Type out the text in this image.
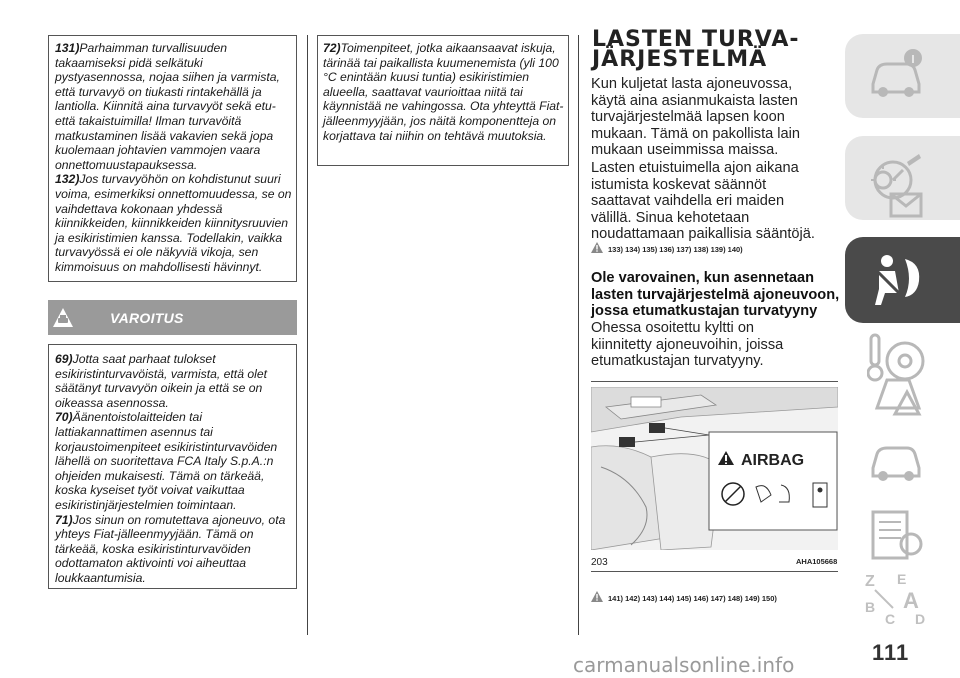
131)Parhaimman turvallisuuden takaamiseksi pidä selkätuki pystyasennossa, nojaa siihen ja varmista, että turvavyö on tiukasti rintakehällä ja lantiolla. Kiinnitä aina turvavyöt sekä etu- että takaistuimilla! Ilman turvavöitä matkustaminen lisää vakavien sekä jopa kuolemaan johtavien vammojen vaara onnettomuustapauksessa.

132)Jos turvavyöhön on kohdistunut suuri voima, esimerkiksi onnettomuudessa, se on vaihdettava kokonaan yhdessä kiinnikkeiden, kiinnikkeiden kiinnitysruuvien ja esikiristimien kanssa. Todellakin, vaikka turvavyössä ei ole näkyviä vikoja, sen kimmoisuus on mahdollisesti hävinnyt.

VAROITUS

69)Jotta saat parhaat tulokset esikiristinturvavöistä, varmista, että olet säätänyt turvavyön oikein ja että se on oikeassa asennossa.

70)Äänentoistolaitteiden tai lattiakannattimen asennus tai korjaustoimenpiteet esikiristinturvavöiden lähellä on suoritettava FCA Italy S.p.A.:n ohjeiden mukaisesti. Tämä on tärkeää, koska kyseiset työt voivat vaikuttaa esikiristinjärjestelmien toimintaan.

71)Jos sinun on romutettava ajoneuvo, ota yhteys Fiat-jälleenmyyjään. Tämä on tärkeää, koska esikiristinturvavöiden odottamaton aktivointi voi aiheuttaa loukkaantumisia.

72)Toimenpiteet, jotka aikaansaavat iskuja, tärinää tai paikallista kuumenemista (yli 100 °C enintään kuusi tuntia) esikiristimien alueella, saattavat vaurioittaa niitä tai käynnistää ne vahingossa. Ota yhteyttä Fiat-jälleenmyyjään, jos näitä komponentteja on korjattava tai niihin on tehtävä muutoksia.

LASTEN TURVA-
JÄRJESTELMÄ
Kun kuljetat lasta ajoneuvossa, käytä aina asianmukaista lasten turvajärjestelmää lapsen koon mukaan. Tämä on pakollista lain mukaan useimmissa maissa.
Lasten etuistuimella ajon aikana istumista koskevat säännöt saattavat vaihdella eri maiden välillä. Sinua kehotetaan noudattamaan paikallisia sääntöjä.
133) 134) 135) 136) 137) 138) 139) 140)
Ole varovainen, kun asennetaan lasten turvajärjestelmä ajoneuvoon, jossa etumatkustajan turvatyyny
Ohessa osoitettu kyltti on kiinnitetty ajoneuvoihin, joissa etumatkustajan turvatyyny.
AIRBAG
203	AHA105668
141) 142) 143) 144) 145) 146) 147) 148) 149) 150)
Z E
A
B
C D
111
carmanualsonline.info
